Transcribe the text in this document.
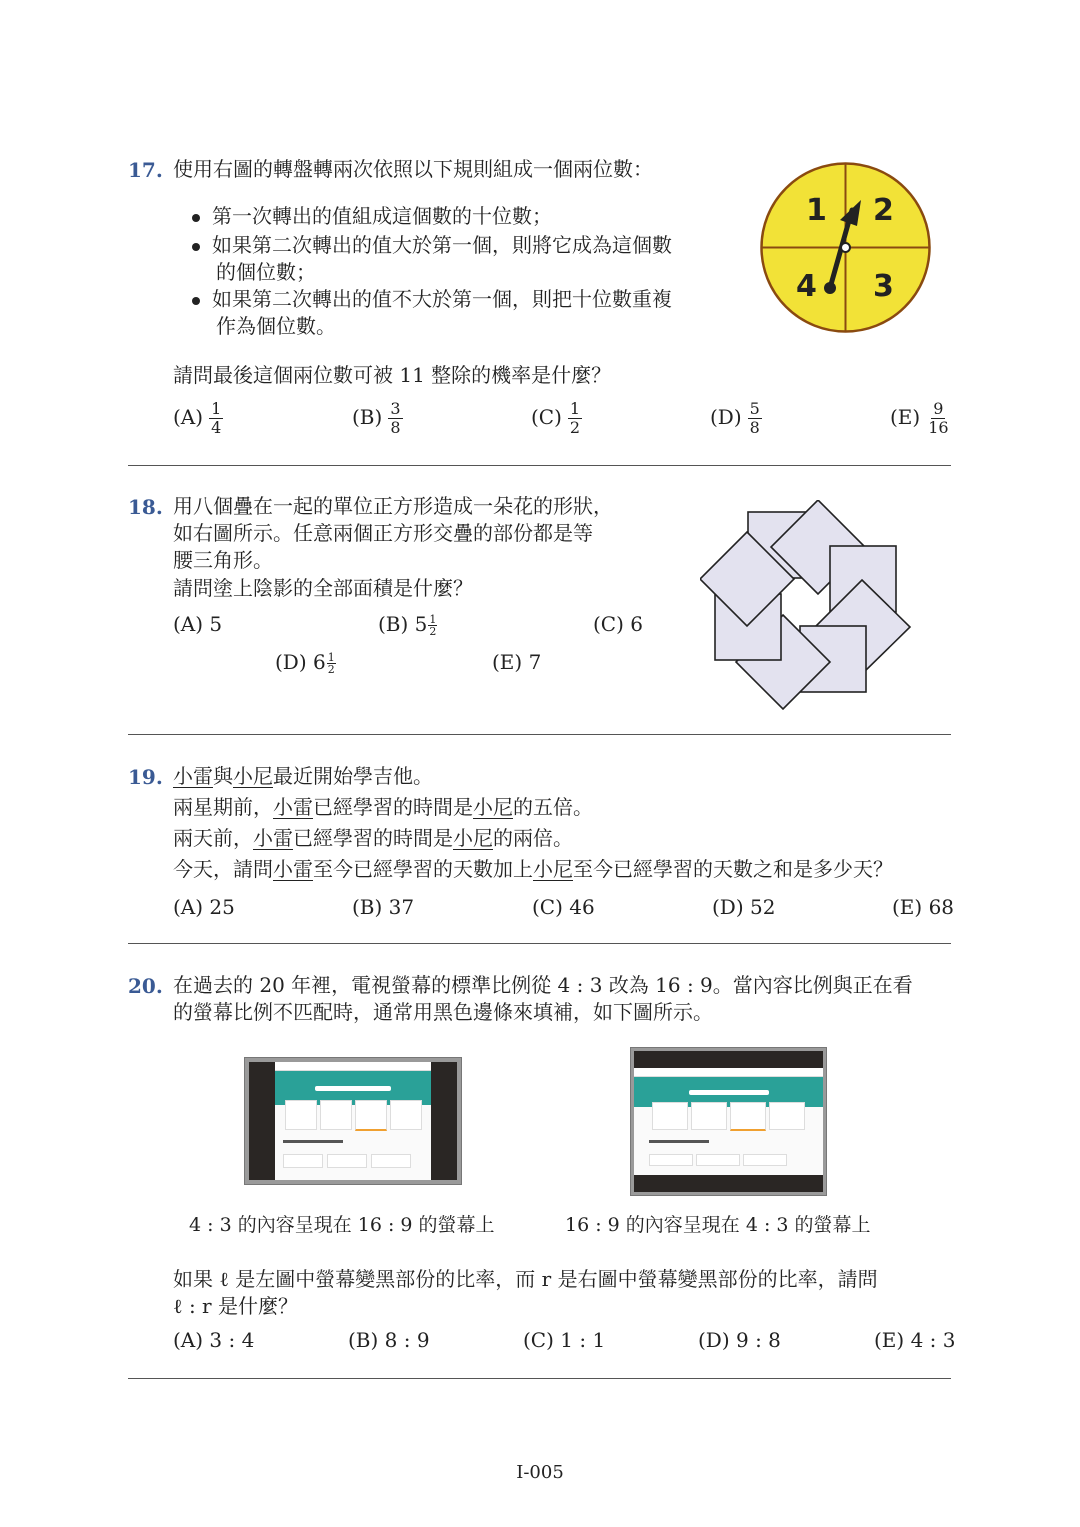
17. 使用右圖的轉盤轉兩次依照以下規則組成一個兩位數：
第一次轉出的值組成這個數的十位數；
如果第二次轉出的值大於第一個，則將它成為這個數
的個位數；
如果第二次轉出的值不大於第一個，則把十位數重複
作為個位數。
請問最後這個兩位數可被 11 整除的機率是什麼？
$(A) \frac{1}{4}$	$(B) \frac{3}{8}$	$(C) \frac{1}{2}$	$(D) \frac{5}{8}$	$(E) \frac{9}{16}$
1 2
4 3
18. 用八個疊在一起的單位正方形造成一朵花的形狀，
如右圖所示。任意兩個正方形交疊的部份都是等
腰三角形。
請問塗上陰影的全部面積是什麼？
(A) 5	(B) $5 \frac{1}{2}$	(C) 6
(D) $6 \frac{1}{2}$	(E) 7
19. 小雷與小尼最近開始學吉他。
兩星期前，小雷已經學習的時間是小尼的五倍。
兩天前，小雷已經學習的時間是小尼的兩倍。
今天，請問小雷至今已經學習的天數加上小尼至今已經學習的天數之和是多少天？
(A) 25	(B) 37	(C) 46	(D) 52	(E) 68
20. 在過去的 20 年裡，電視螢幕的標準比例從 4 : 3 改為 16 : 9。當內容比例與正在看
的螢幕比例不匹配時，通常用黑色邊條來填補，如下圖所示。
4 : 3 的內容呈現在 16 : 9 的螢幕上	16 : 9 的內容呈現在 4 : 3 的螢幕上
如果 ℓ 是左圖中螢幕變黑部份的比率，而 r 是右圖中螢幕變黑部份的比率，請問
ℓ : r 是什麼？
(A) 3 : 4	(B) 8 : 9	(C) 1 : 1	(D) 9 : 8	(E) 4 : 3
I-005
